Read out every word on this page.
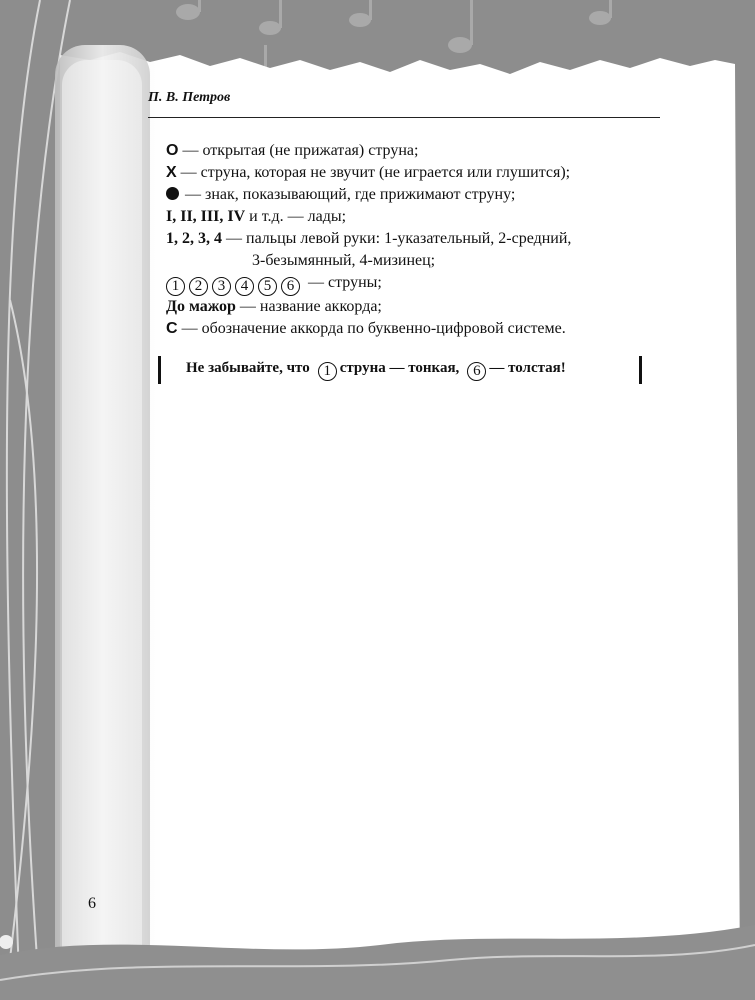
П. В. Петров
O — открытая (не прижатая) струна;
X — струна, которая не звучит (не играется или глушится);
— знак, показывающий, где прижимают струну;
I, II, III, IV и т.д. — лады;
1, 2, 3, 4 — пальцы левой руки: 1-указательный, 2-средний,
3-безымянный, 4-мизинец;
1 2 3 4 5 6 — струны;
До мажор — название аккорда;
C — обозначение аккорда по буквенно-цифровой системе.
Не забывайте, что 1 струна — тонкая, 6 — толстая!
6
